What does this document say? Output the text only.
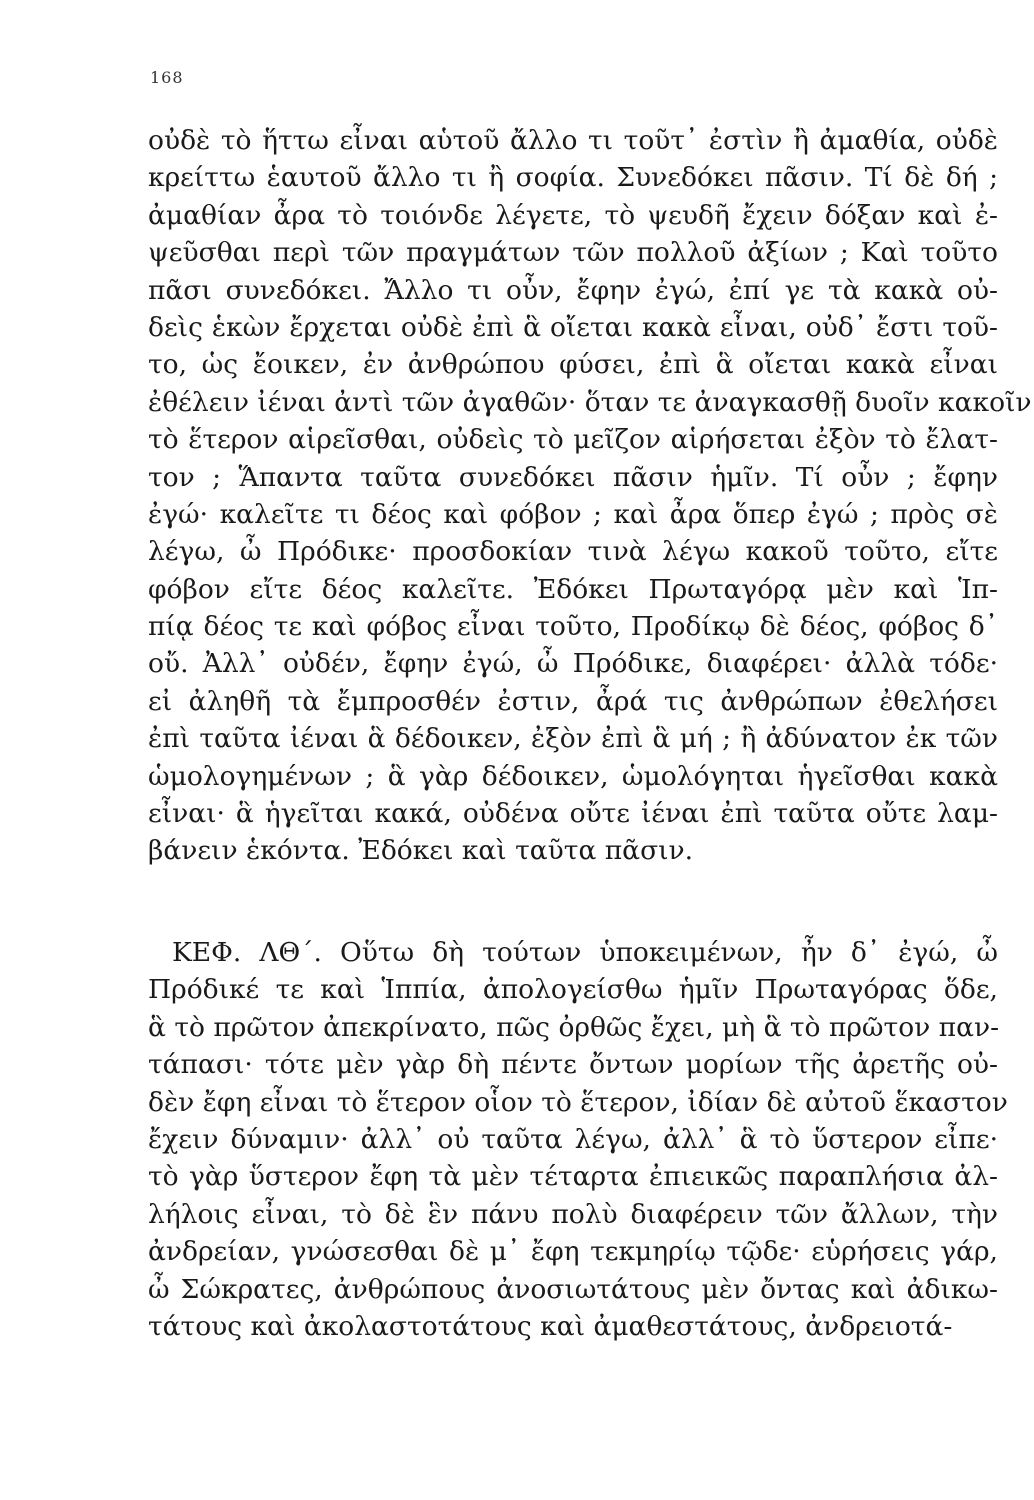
168
οὐδὲ τὸ ἥττω εἶναι αὑτοῦ ἄλλο τι τοῦτ᾽ ἐστὶν ἢ ἀμαθία, οὐδὲ
κρείττω ἑαυτοῦ ἄλλο τι ἢ σοφία. Συνεδόκει πᾶσιν. Τί δὲ δή ;
ἀμαθίαν ἆρα τὸ τοιόνδε λέγετε, τὸ ψευδῆ ἔχειν δόξαν καὶ ἐ-
ψεῦσθαι περὶ τῶν πραγμάτων τῶν πολλοῦ ἀξίων ; Καὶ τοῦτο
πᾶσι συνεδόκει. Ἄλλο τι οὖν, ἔφην ἐγώ, ἐπί γε τὰ κακὰ οὐ-
δεὶς ἑκὼν ἔρχεται οὐδὲ ἐπὶ ἃ οἴεται κακὰ εἶναι, οὐδ᾽ ἔστι τοῦ-
το, ὡς ἔοικεν, ἐν ἀνθρώπου φύσει, ἐπὶ ἃ οἴεται κακὰ εἶναι
ἐθέλειν ἰέναι ἀντὶ τῶν ἀγαθῶν· ὅταν τε ἀναγκασθῇ δυοῖν κακοῖν
τὸ ἕτερον αἱρεῖσθαι, οὐδεὶς τὸ μεῖζον αἱρήσεται ἐξὸν τὸ ἔλατ-
τον ; Ἅπαντα ταῦτα συνεδόκει πᾶσιν ἡμῖν. Τί οὖν ; ἔφην
ἐγώ· καλεῖτε τι δέος καὶ φόβον ; καὶ ἆρα ὅπερ ἐγώ ; πρὸς σὲ
λέγω, ὦ Πρόδικε· προσδοκίαν τινὰ λέγω κακοῦ τοῦτο, εἴτε
φόβον εἴτε δέος καλεῖτε. Ἐδόκει Πρωταγόρᾳ μὲν καὶ Ἱπ-
πίᾳ δέος τε καὶ φόβος εἶναι τοῦτο, Προδίκῳ δὲ δέος, φόβος δ᾽
οὔ. Ἀλλ᾽ οὐδέν, ἔφην ἐγώ, ὦ Πρόδικε, διαφέρει· ἀλλὰ τόδε·
εἰ ἀληθῆ τὰ ἔμπροσθέν ἐστιν, ἆρά τις ἀνθρώπων ἐθελήσει
ἐπὶ ταῦτα ἰέναι ἃ δέδοικεν, ἐξὸν ἐπὶ ἃ μή ; ἢ ἀδύνατον ἐκ τῶν
ὡμολογημένων ; ἃ γὰρ δέδοικεν, ὡμολόγηται ἡγεῖσθαι κακὰ
εἶναι· ἃ ἡγεῖται κακά, οὐδένα οὔτε ἰέναι ἐπὶ ταῦτα οὔτε λαμ-
βάνειν ἑκόντα. Ἐδόκει καὶ ταῦτα πᾶσιν.
ΚΕΦ. ΛΘ΄. Οὕτω δὴ τούτων ὑποκειμένων, ἦν δ᾽ ἐγώ, ὦ
Πρόδικέ τε καὶ Ἱππία, ἀπολογείσθω ἡμῖν Πρωταγόρας ὅδε,
ἃ τὸ πρῶτον ἀπεκρίνατο, πῶς ὀρθῶς ἔχει, μὴ ἃ τὸ πρῶτον παν-
τάπασι· τότε μὲν γὰρ δὴ πέντε ὄντων μορίων τῆς ἀρετῆς οὐ-
δὲν ἔφη εἶναι τὸ ἕτερον οἷον τὸ ἕτερον, ἰδίαν δὲ αὐτοῦ ἕκαστον
ἔχειν δύναμιν· ἀλλ᾽ οὐ ταῦτα λέγω, ἀλλ᾽ ἃ τὸ ὕστερον εἶπε·
τὸ γὰρ ὕστερον ἔφη τὰ μὲν τέταρτα ἐπιεικῶς παραπλήσια ἀλ-
λήλοις εἶναι, τὸ δὲ ἓν πάνυ πολὺ διαφέρειν τῶν ἄλλων, τὴν
ἀνδρείαν, γνώσεσθαι δὲ μ᾽ ἔφη τεκμηρίῳ τῷδε· εὑρήσεις γάρ,
ὦ Σώκρατες, ἀνθρώπους ἀνοσιωτάτους μὲν ὄντας καὶ ἀδικω-
τάτους καὶ ἀκολαστοτάτους καὶ ἀμαθεστάτους, ἀνδρειοτά-
